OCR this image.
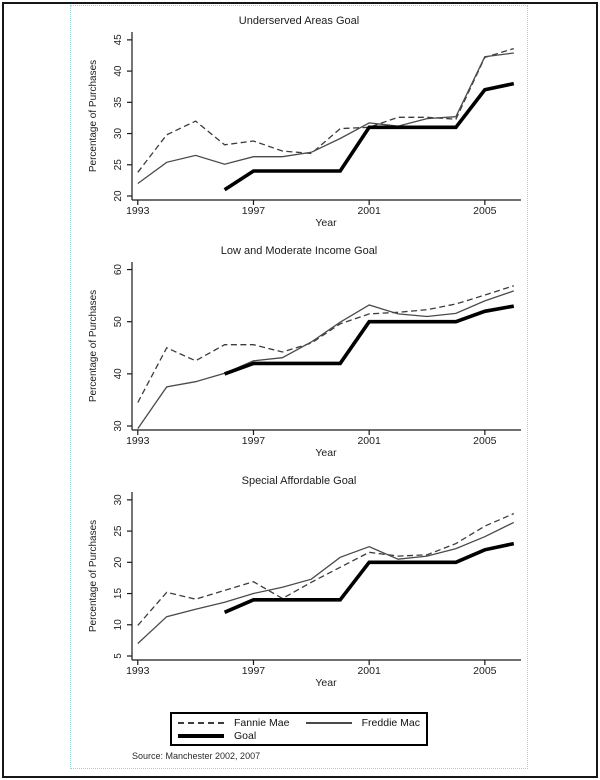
Underserved Areas Goal
20
25
30
35
40
45
1993	1997	2001	2005
Percentage of Purchases
Year
Low and Moderate Income Goal
30
40
50
60
1993	1997	2001	2005
Percentage of Purchases
Year
Special Affordable Goal
5
10
15
20
25
30
1993	1997	2001	2005
Percentage of Purchases
Year
Fannie Mae	Freddie Mac
Goal
Source: Manchester 2002, 2007
